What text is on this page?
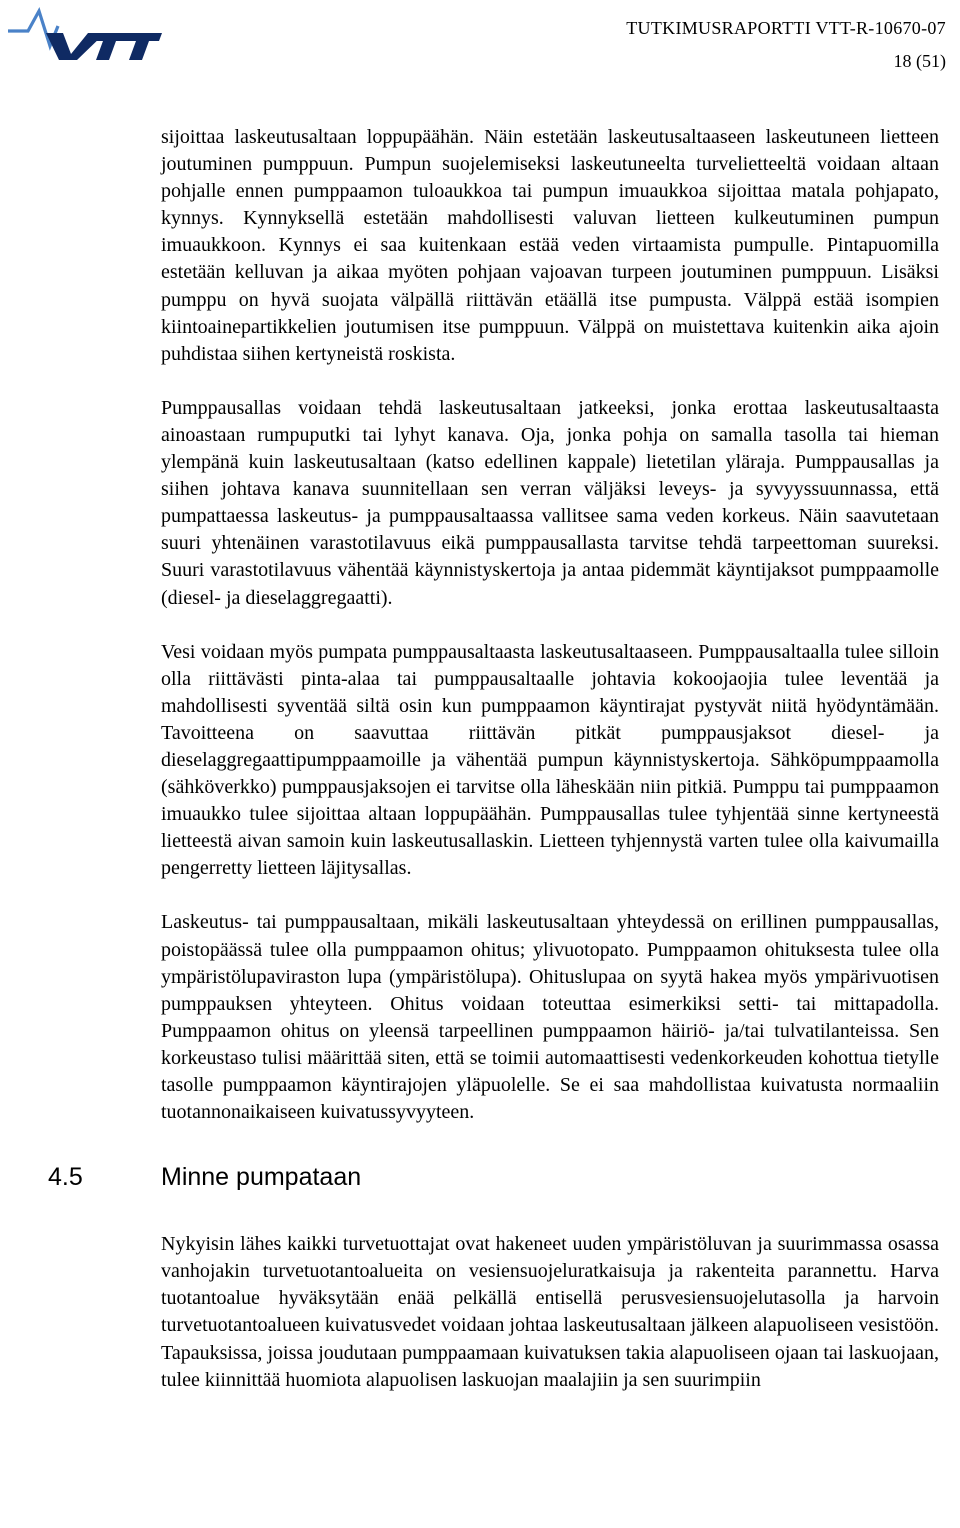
TUTKIMUSRAPORTTI VTT-R-10670-07
18 (51)

sijoittaa laskeutusaltaan loppupäähän. Näin estetään laskeutusaltaaseen laskeutuneen lietteen joutuminen pumppuun. Pumpun suojelemiseksi laskeutuneelta turvelietteeltä voidaan altaan pohjalle ennen pumppaamon tuloaukkoa tai pumpun imuaukkoa sijoittaa matala pohjapato, kynnys. Kynnyksellä estetään mahdollisesti valuvan lietteen kulkeutuminen pumpun imuaukkoon. Kynnys ei saa kuitenkaan estää veden virtaamista pumpulle. Pintapuomilla estetään kelluvan ja aikaa myöten pohjaan vajoavan turpeen joutuminen pumppuun. Lisäksi pumppu on hyvä suojata välpällä riittävän etäällä itse pumpusta. Välppä estää isompien kiintoainepartikkelien joutumisen itse pumppuun. Välppä on muistettava kuitenkin aika ajoin puhdistaa siihen kertyneistä roskista.

Pumppausallas voidaan tehdä laskeutusaltaan jatkeeksi, jonka erottaa laskeutusaltaasta ainoastaan rumpuputki tai lyhyt kanava. Oja, jonka pohja on samalla tasolla tai hieman ylempänä kuin laskeutusaltaan (katso edellinen kappale) lietetilan yläraja. Pumppausallas ja siihen johtava kanava suunnitellaan sen verran väljäksi leveys- ja syvyyssuunnassa, että pumpattaessa laskeutus- ja pumppausaltaassa vallitsee sama veden korkeus. Näin saavutetaan suuri yhtenäinen varastotilavuus eikä pumppausallasta tarvitse tehdä tarpeettoman suureksi. Suuri varastotilavuus vähentää käynnistyskertoja ja antaa pidemmät käyntijaksot pumppaamolle (diesel- ja dieselaggregaatti).

Vesi voidaan myös pumpata pumppausaltaasta laskeutusaltaaseen. Pumppausaltaalla tulee silloin olla riittävästi pinta-alaa tai pumppausaltaalle johtavia kokoojaojia tulee leventää ja mahdollisesti syventää siltä osin kun pumppaamon käyntirajat pystyvät niitä hyödyntämään. Tavoitteena on saavuttaa riittävän pitkät pumppausjaksot diesel- ja dieselaggregaattipumppaamoille ja vähentää pumpun käynnistyskertoja. Sähköpumppaamolla (sähköverkko) pumppausjaksojen ei tarvitse olla läheskään niin pitkiä. Pumppu tai pumppaamon imuaukko tulee sijoittaa altaan loppupäähän. Pumppausallas tulee tyhjentää sinne kertyneestä lietteestä aivan samoin kuin laskeutusallaskin. Lietteen tyhjennystä varten tulee olla kaivumailla pengerretty lietteen läjitysallas.

Laskeutus- tai pumppausaltaan, mikäli laskeutusaltaan yhteydessä on erillinen pumppausallas, poistopäässä tulee olla pumppaamon ohitus; ylivuotopato. Pumppaamon ohituksesta tulee olla ympäristölupaviraston lupa (ympäristölupa). Ohituslupaa on syytä hakea myös ympärivuotisen pumppauksen yhteyteen. Ohitus voidaan toteuttaa esimerkiksi setti- tai mittapadolla. Pumppaamon ohitus on yleensä tarpeellinen pumppaamon häiriö- ja/tai tulvatilanteissa. Sen korkeustaso tulisi määrittää siten, että se toimii automaattisesti vedenkorkeuden kohottua tietylle tasolle pumppaamon käyntirajojen yläpuolelle. Se ei saa mahdollistaa kuivatusta normaaliin tuotannonaikaiseen kuivatussyvyyteen.

4.5	Minne pumpataan

Nykyisin lähes kaikki turvetuottajat ovat hakeneet uuden ympäristöluvan ja suurimmassa osassa vanhojakin turvetuotantoalueita on vesiensuojeluratkaisuja ja rakenteita parannettu. Harva tuotantoalue hyväksytään enää pelkällä entisellä perusvesiensuojelutasolla ja harvoin turvetuotantoalueen kuivatusvedet voidaan johtaa laskeutusaltaan jälkeen alapuoliseen vesistöön. Tapauksissa, joissa joudutaan pumppaamaan kuivatuksen takia alapuoliseen ojaan tai laskuojaan, tulee kiinnittää huomiota alapuolisen laskuojan maalajiin ja sen suurimpiin
